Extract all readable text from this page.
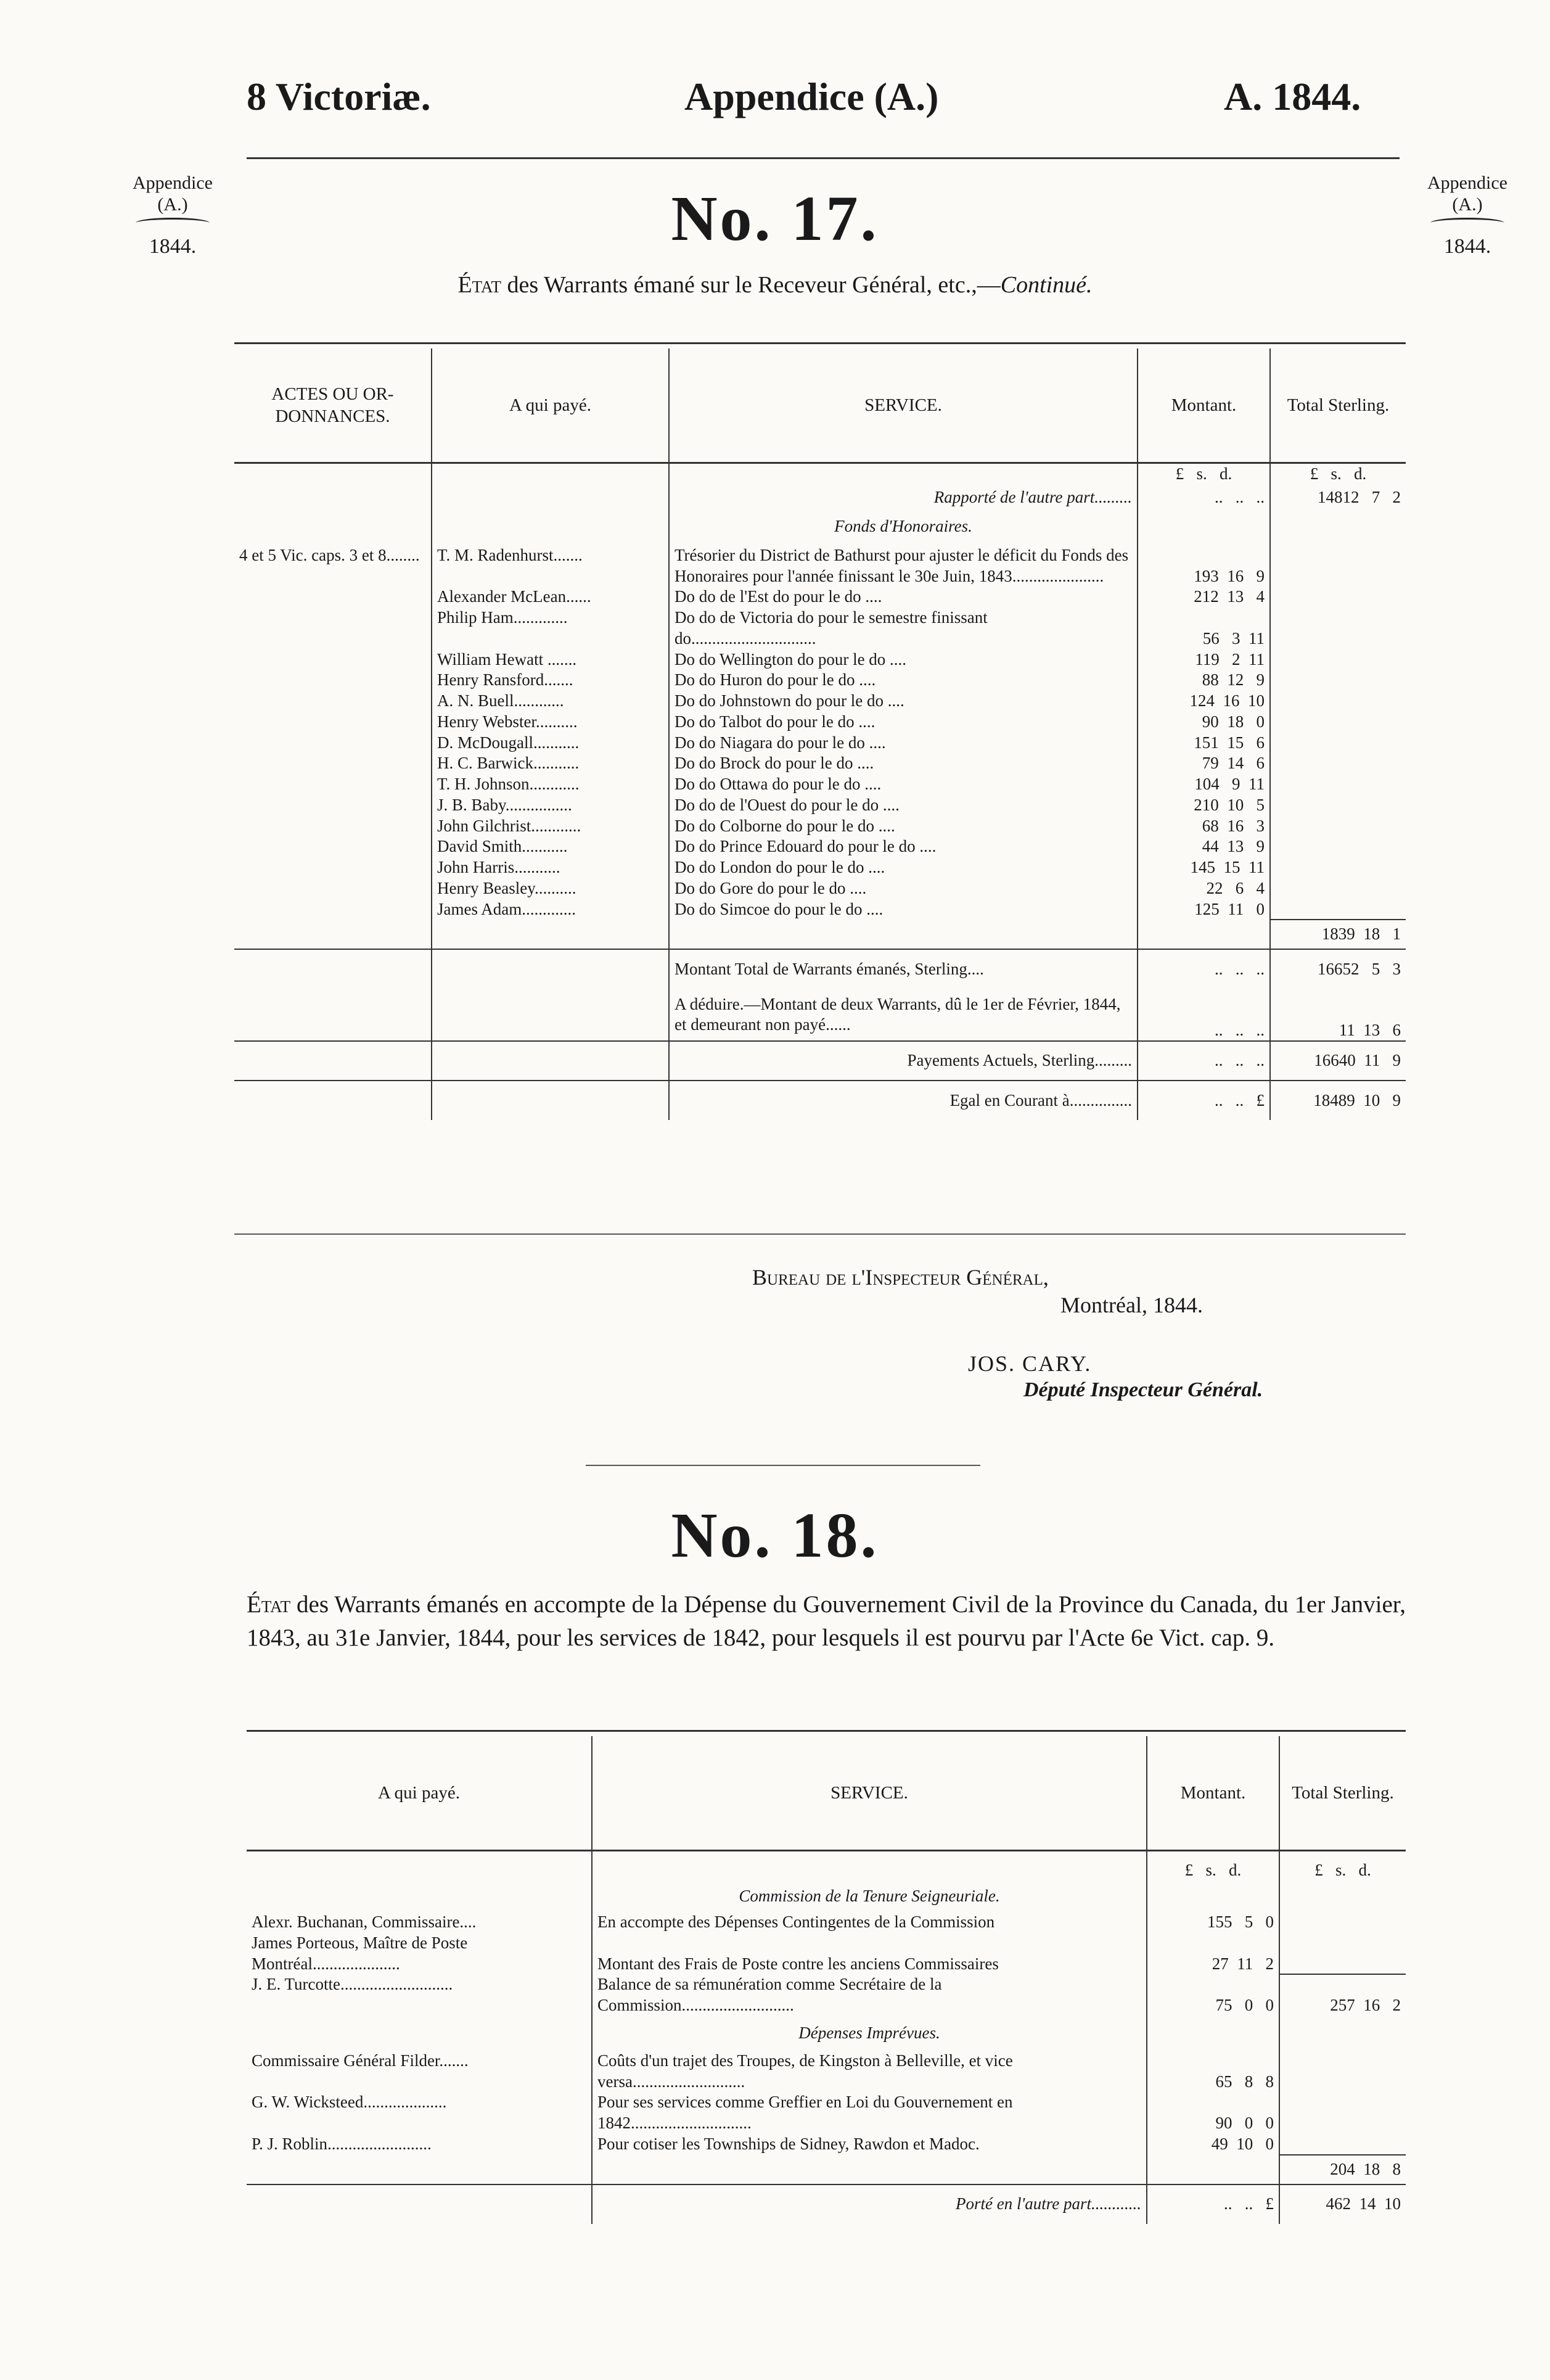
8 Victoriæ.	Appendice (A.)	A. 1844.
Appendice
(A.)
1844.
Appendice
(A.)
1844.
No. 17.
État des Warrants émané sur le Receveur Général, etc.,—Continué.
ACTES OU OR-DONNANCES.	A qui payé.	SERVICE.	Montant.	Total Sterling.
			£   s.   d.	£   s.   d.
		Rapporté de l'autre part.........	..   ..   ..	14812   7   2
		Fonds d'Honoraires.		
4 et 5 Vic. caps. 3 et 8........	T. M. Radenhurst.......	Trésorier du District de Bathurst pour ajuster le déficit du Fonds des Honoraires pour l'année finissant le 30e Juin, 1843......................	193  16   9	
	Alexander McLean......	Do do de l'Est do pour le do ....	212  13   4	
	Philip Ham.............	Do do de Victoria do pour le semestre finissant do..............................	56   3  11	
	William Hewatt .......	Do do Wellington do pour le do ....	119   2  11	
	Henry Ransford.......	Do do Huron do pour le do ....	88  12   9	
	A. N. Buell............	Do do Johnstown do pour le do ....	124  16  10	
	Henry Webster..........	Do do Talbot do pour le do ....	90  18   0	
	D. McDougall...........	Do do Niagara do pour le do ....	151  15   6	
	H. C. Barwick...........	Do do Brock do pour le do ....	79  14   6	
	T. H. Johnson............	Do do Ottawa do pour le do ....	104   9  11	
	J. B. Baby................	Do do de l'Ouest do pour le do ....	210  10   5	
	John Gilchrist............	Do do Colborne do pour le do ....	68  16   3	
	David Smith...........	Do do Prince Edouard do pour le do ....	44  13   9	
	John Harris...........	Do do London do pour le do ....	145  15  11	
	Henry Beasley..........	Do do Gore do pour le do ....	22   6   4	
	James Adam.............	Do do Simcoe do pour le do ....	125  11   0	
				1839  18   1
		Montant Total de Warrants émanés, Sterling....	..   ..   ..	16652   5   3
		A déduire.—Montant de deux Warrants, dû le 1er de Février, 1844, et demeurant non payé......	..   ..   ..	11  13   6
		Payements Actuels, Sterling.........	..   ..   ..	16640  11   9
		Egal en Courant à...............	..   ..   £	18489  10   9
Bureau de l'Inspecteur Général,
Montréal, 1844.
JOS. CARY.
Député Inspecteur Général.
No. 18.
État des Warrants émanés en accompte de la Dépense du Gouvernement Civil de la Province du Canada, du 1er Janvier, 1843, au 31e Janvier, 1844, pour les services de 1842, pour lesquels il est pourvu par l'Acte 6e Vict. cap. 9.
A qui payé.	SERVICE.	Montant.	Total Sterling.
		£   s.   d.	£   s.   d.
	Commission de la Tenure Seigneuriale.		
Alexr. Buchanan, Commissaire....	En accompte des Dépenses Contingentes de la Commission	155   5   0	
James Porteous, Maître de Poste Montréal.....................	Montant des Frais de Poste contre les anciens Commissaires	27  11   2	
J. E. Turcotte...........................	Balance de sa rémunération comme Secrétaire de la Commission...........................	75   0   0	257  16   2
	Dépenses Imprévues.		
Commissaire Général Filder.......	Coûts d'un trajet des Troupes, de Kingston à Belleville, et vice versa...........................	65   8   8	
G. W. Wicksteed....................	Pour ses services comme Greffier en Loi du Gouvernement en 1842.............................	90   0   0	
P. J. Roblin.........................	Pour cotiser les Townships de Sidney, Rawdon et Madoc.	49  10   0	
			204  18   8
	Porté en l'autre part............	..   ..   £	462  14  10
